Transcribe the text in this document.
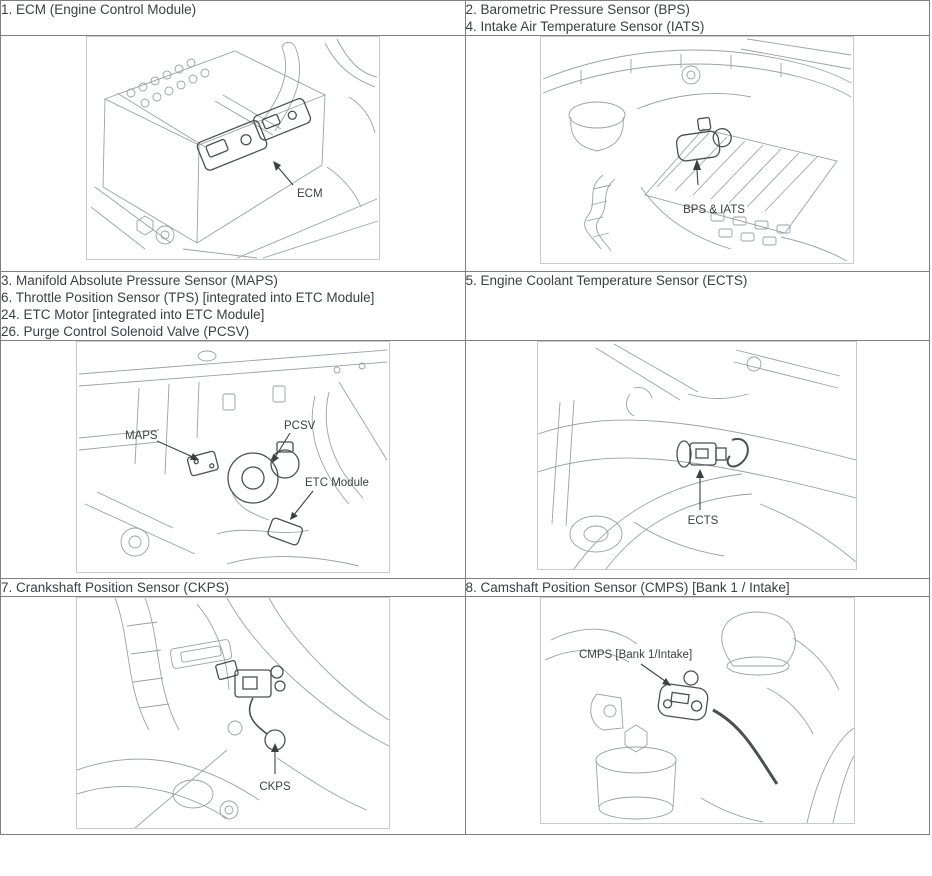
1. ECM (Engine Control Module)	2. Barometric Pressure Sensor (BPS)
4. Intake Air Temperature Sensor (IATS)

ECM	BPS & IATS

3. Manifold Absolute Pressure Sensor (MAPS)
6. Throttle Position Sensor (TPS) [integrated into ETC Module]
24. ETC Motor [integrated into ETC Module]
26. Purge Control Solenoid Valve (PCSV)	5. Engine Coolant Temperature Sensor (ECTS)

MAPS
PCSV
ETC Module	ECTS

7. Crankshaft Position Sensor (CKPS)	8. Camshaft Position Sensor (CMPS) [Bank 1 / Intake]

CKPS	CMPS [Bank 1/Intake]
